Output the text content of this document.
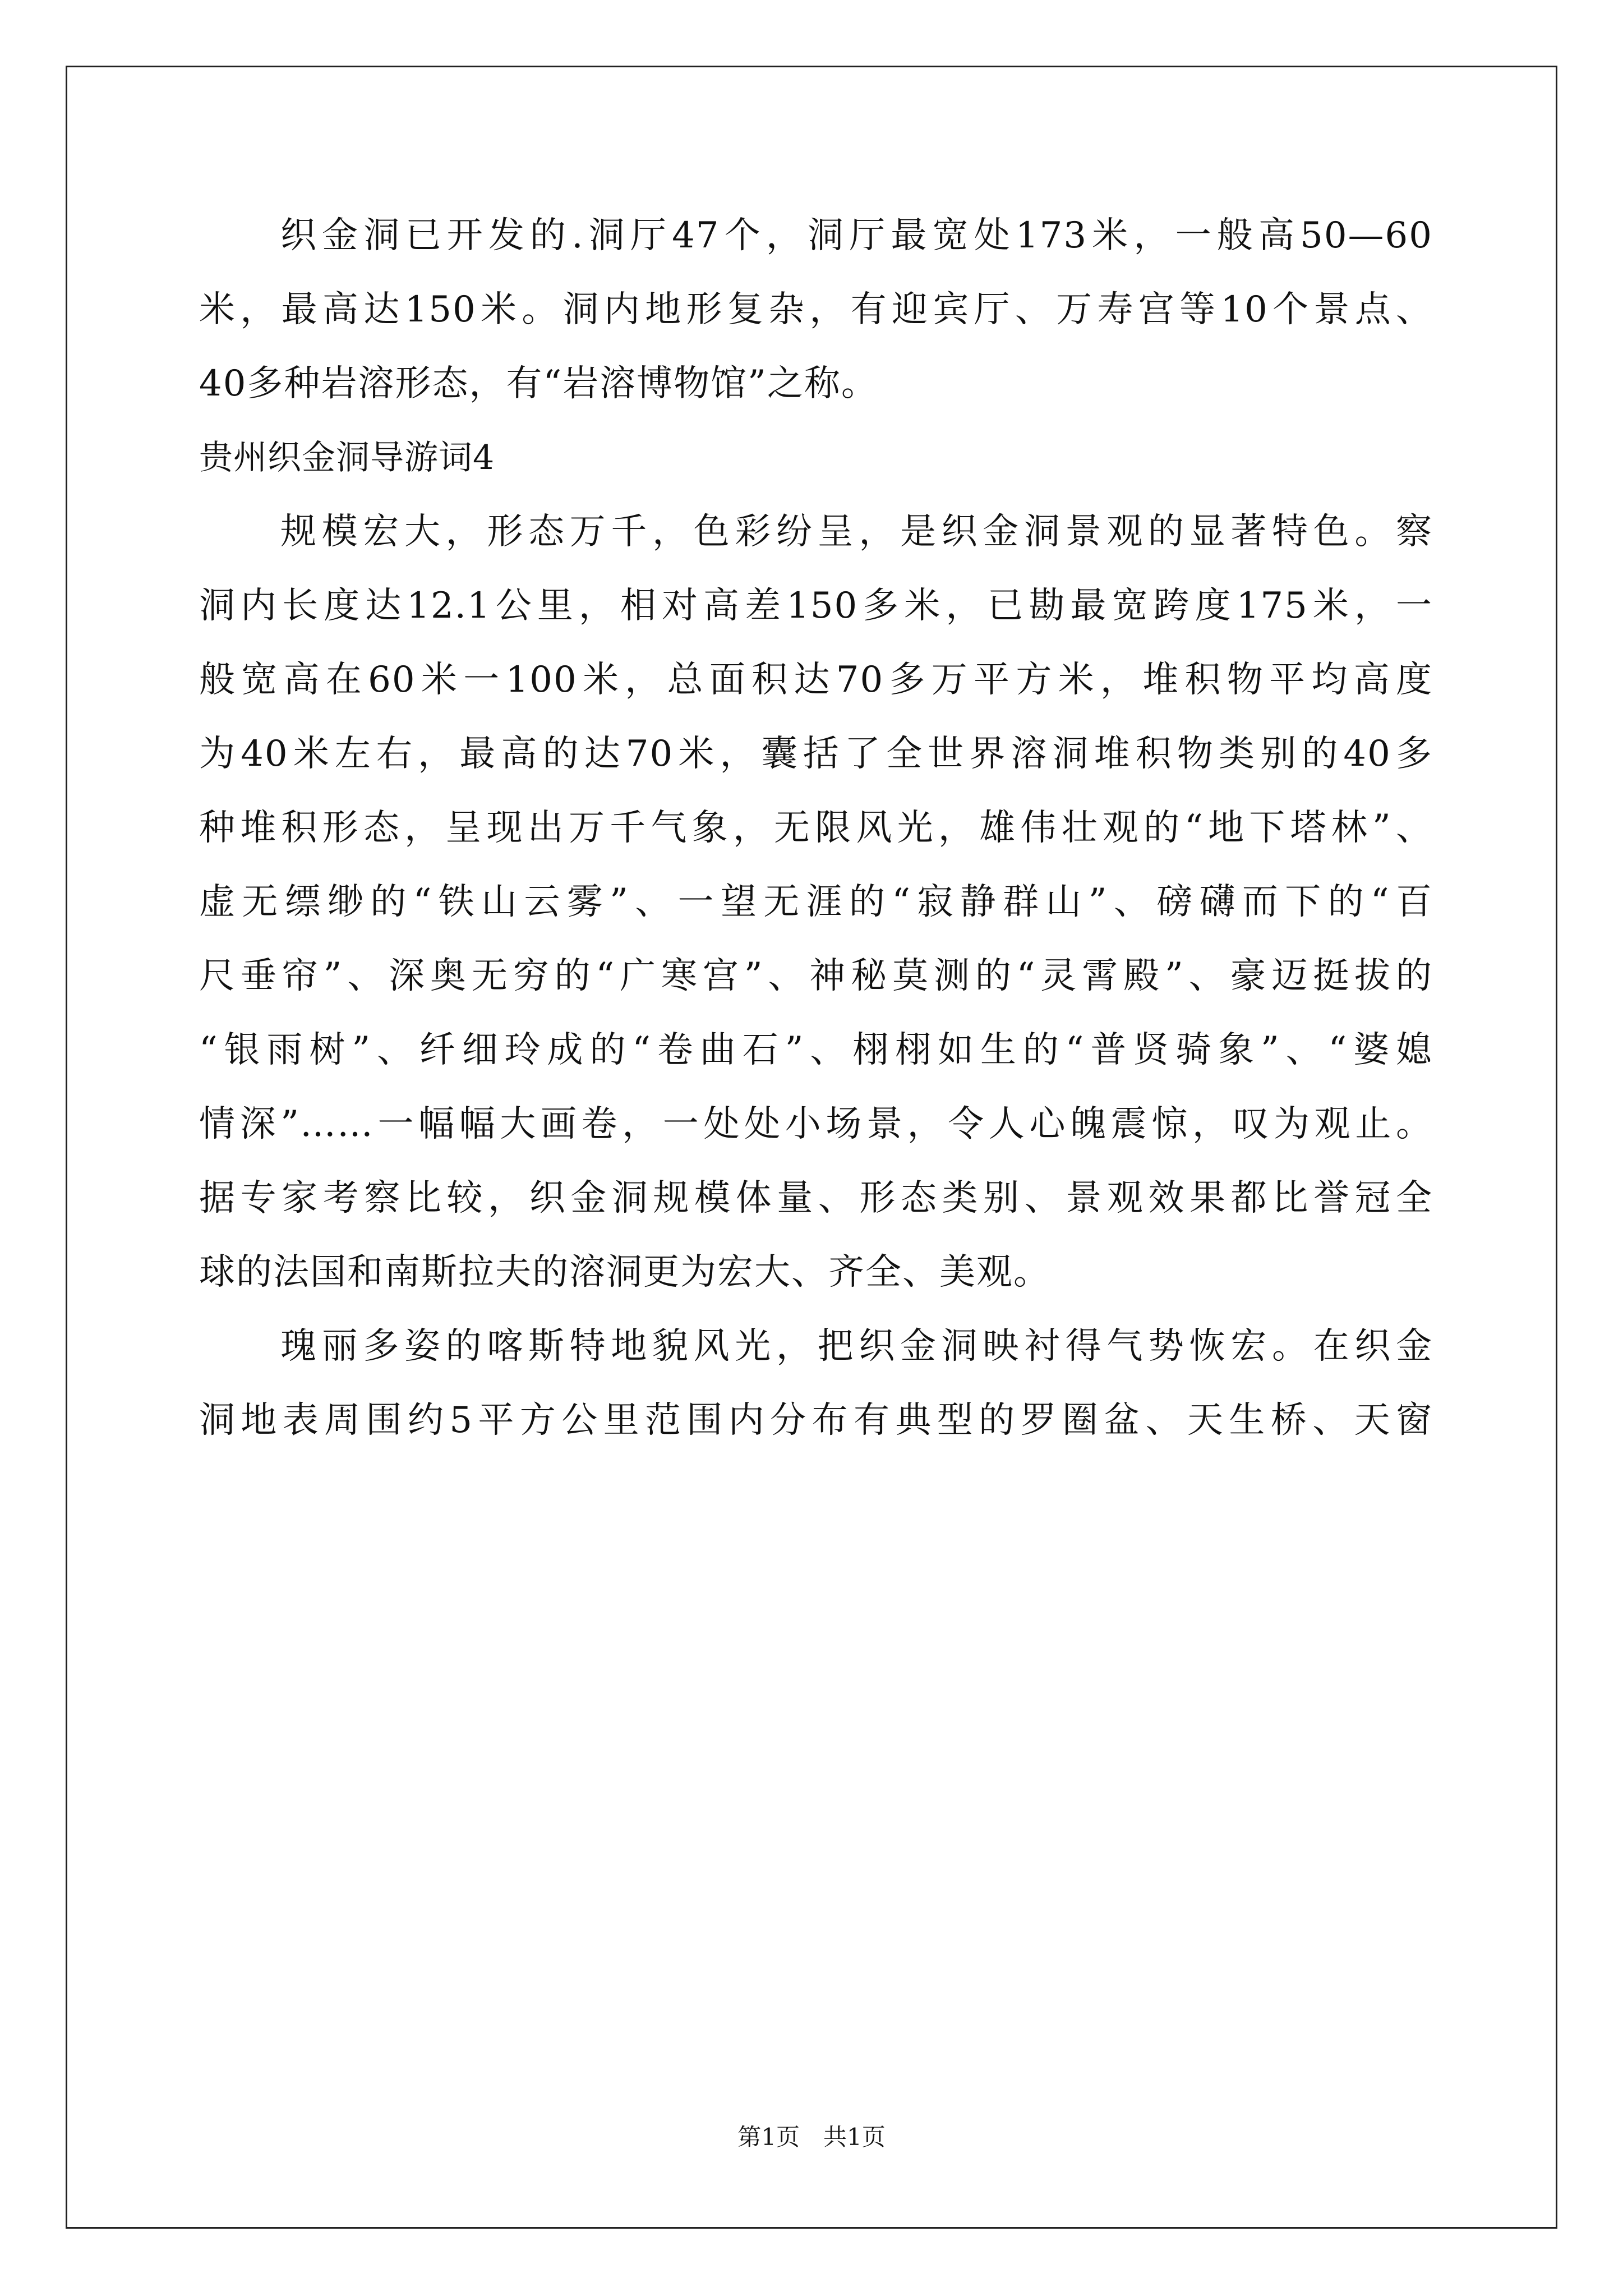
织金洞已开发的.洞厅47个，洞厅最宽处173米，一般高50—60
米，最高达150米。洞内地形复杂，有迎宾厅、万寿宫等10个景点、
40多种岩溶形态，有“岩溶博物馆”之称。
贵州织金洞导游词4
规模宏大，形态万千，色彩纷呈，是织金洞景观的显著特色。察
洞内长度达12.1公里，相对高差150多米，已勘最宽跨度175米，一
般宽高在60米一100米，总面积达70多万平方米，堆积物平均高度
为40米左右，最高的达70米，囊括了全世界溶洞堆积物类别的40多
种堆积形态，呈现出万千气象，无限风光，雄伟壮观的“地下塔林”、
虚无缥缈的“铁山云雾”、一望无涯的“寂静群山”、磅礴而下的“百
尺垂帘”、深奥无穷的“广寒宫”、神秘莫测的“灵霄殿”、豪迈挺拔的
“银雨树”、纤细玲成的“卷曲石”、栩栩如生的“普贤骑象”、“婆媳
情深”……一幅幅大画卷，一处处小场景，令人心魄震惊，叹为观止。
据专家考察比较，织金洞规模体量、形态类别、景观效果都比誉冠全
球的法国和南斯拉夫的溶洞更为宏大、齐全、美观。
瑰丽多姿的喀斯特地貌风光，把织金洞映衬得气势恢宏。在织金
洞地表周围约5平方公里范围内分布有典型的罗圈盆、天生桥、天窗
第1页　共1页
